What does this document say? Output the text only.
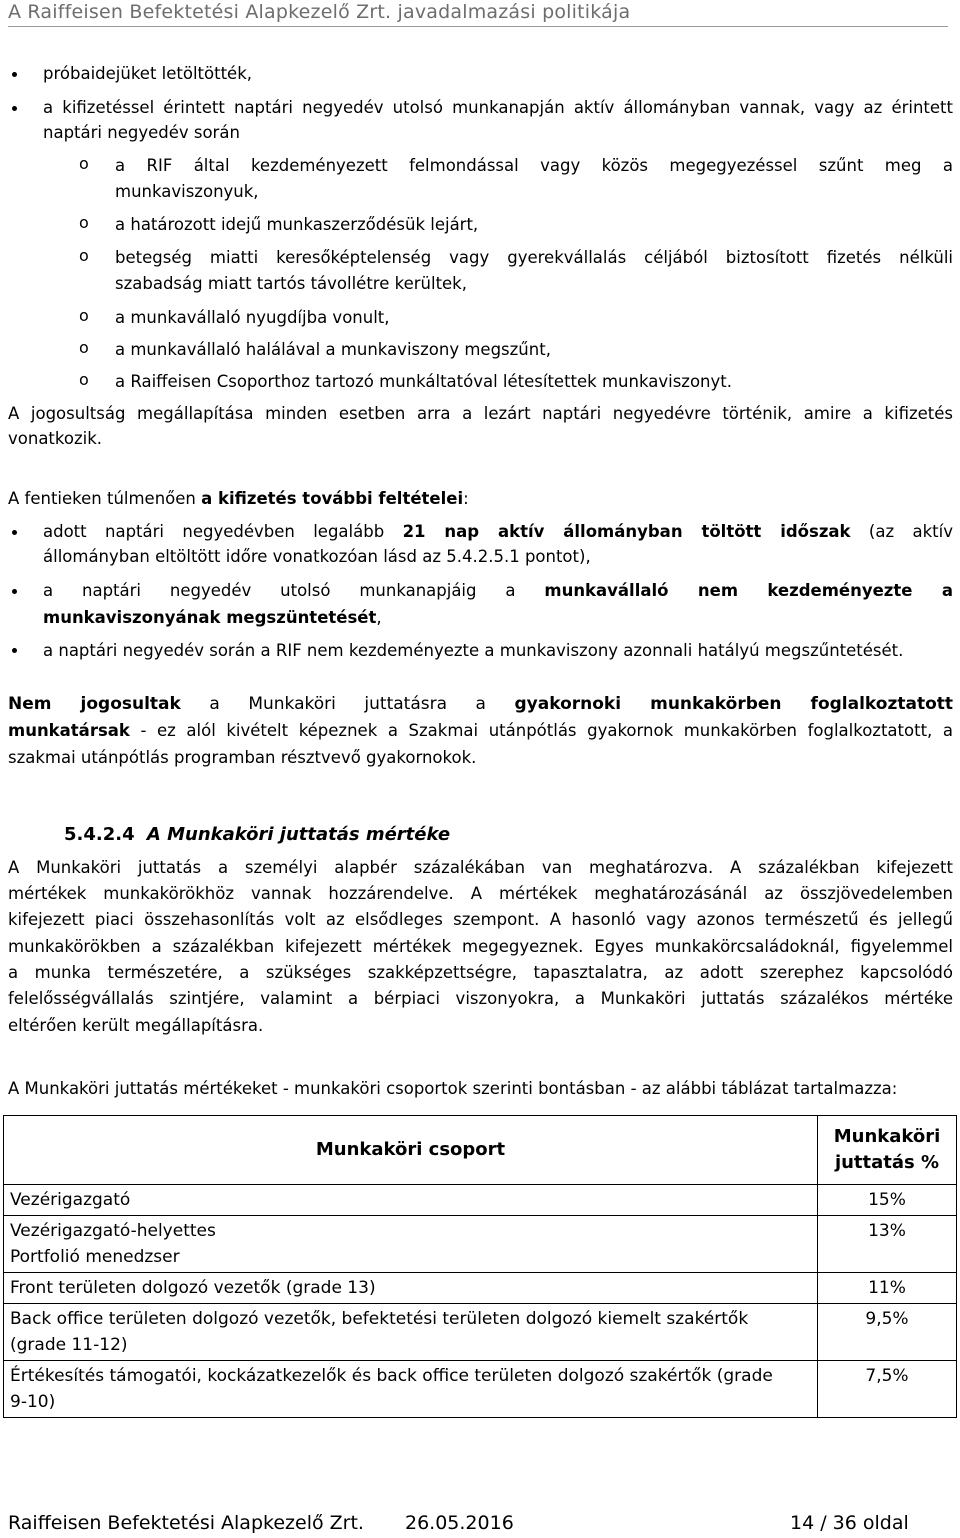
A Raiffeisen Befektetési Alapkezelő Zrt. javadalmazási politikája
próbaidejüket letöltötték,
a kifizetéssel érintett naptári negyedév utolsó munkanapján aktív állományban vannak, vagy az érintett
naptári negyedév során
o a RIF által kezdeményezett felmondással vagy közös megegyezéssel szűnt meg a
munkaviszonyuk,
o a határozott idejű munkaszerződésük lejárt,
o betegség miatti keresőképtelenség vagy gyerekvállalás céljából biztosított fizetés nélküli
szabadság miatt tartós távollétre kerültek,
o a munkavállaló nyugdíjba vonult,
o a munkavállaló halálával a munkaviszony megszűnt,
o a Raiffeisen Csoporthoz tartozó munkáltatóval létesítettek munkaviszonyt.
A jogosultság megállapítása minden esetben arra a lezárt naptári negyedévre történik, amire a kifizetés
vonatkozik.
A fentieken túlmenően a kifizetés további feltételei:
adott naptári negyedévben legalább 21 nap aktív állományban töltött időszak (az aktív
állományban eltöltött időre vonatkozóan lásd az 5.4.2.5.1 pontot),
a naptári negyedév utolsó munkanapjáig a munkavállaló nem kezdeményezte a
munkaviszonyának megszüntetését,
a naptári negyedév során a RIF nem kezdeményezte a munkaviszony azonnali hatályú megszűntetését.
Nem jogosultak a Munkaköri juttatásra a gyakornoki munkakörben foglalkoztatott
munkatársak - ez alól kivételt képeznek a Szakmai utánpótlás gyakornok munkakörben foglalkoztatott, a
szakmai utánpótlás programban résztvevő gyakornokok.
5.4.2.4 A Munkaköri juttatás mértéke
A Munkaköri juttatás a személyi alapbér százalékában van meghatározva. A százalékban kifejezett
mértékek munkakörökhöz vannak hozzárendelve. A mértékek meghatározásánál az összjövedelemben
kifejezett piaci összehasonlítás volt az elsődleges szempont. A hasonló vagy azonos természetű és jellegű
munkakörökben a százalékban kifejezett mértékek megegyeznek. Egyes munkakörcsaládoknál, figyelemmel
a munka természetére, a szükséges szakképzettségre, tapasztalatra, az adott szerephez kapcsolódó
felelősségvállalás szintjére, valamint a bérpiaci viszonyokra, a Munkaköri juttatás százalékos mértéke
eltérően került megállapításra.
A Munkaköri juttatás mértékeket - munkaköri csoportok szerinti bontásban - az alábbi táblázat tartalmazza:
Munkaköri csoport	Munkaköri
juttatás %

Vezérigazgató	15%

Vezérigazgató-helyettes
Portfolió menedzser	13%

Front területen dolgozó vezetők (grade 13)	11%

Back office területen dolgozó vezetők, befektetési területen dolgozó kiemelt szakértők
(grade 11-12)	9,5%

Értékesítés támogatói, kockázatkezelők és back office területen dolgozó szakértők (grade
9-10)	7,5%
Raiffeisen Befektetési Alapkezelő Zrt. 26.05.2016	14 / 36 oldal
